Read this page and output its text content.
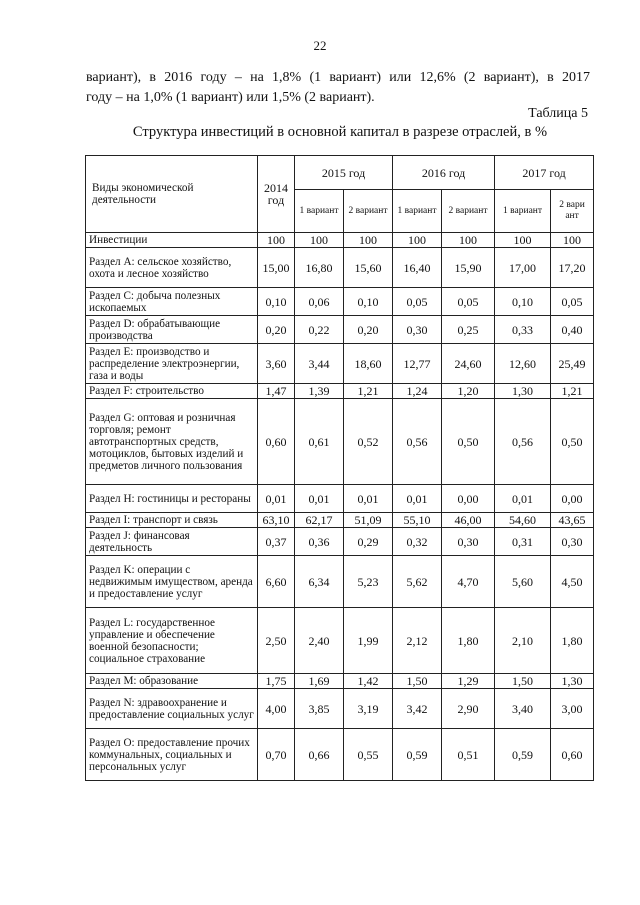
22
вариант), в 2016 году – на 1,8% (1 вариант) или 12,6% (2 вариант), в 2017
году – на 1,0% (1 вариант) или 1,5% (2 вариант).
Таблица 5
Структура инвестиций в основной капитал в разрезе отраслей, в %
Виды экономической деятельности	2014 год	2015 год		2016 год		2017 год	
		1 вариант	2 вариант	1 вариант	2 вариант	1 вариант	2 вари ант
Инвестиции	100	100	100	100	100	100	100
Раздел A: сельское хозяйство, охота и лесное хозяйство	15,00	16,80	15,60	16,40	15,90	17,00	17,20
Раздел C: добыча полезных ископаемых	0,10	0,06	0,10	0,05	0,05	0,10	0,05
Раздел D: обрабатывающие производства	0,20	0,22	0,20	0,30	0,25	0,33	0,40
Раздел E: производство и распределение электроэнергии, газа и воды	3,60	3,44	18,60	12,77	24,60	12,60	25,49
Раздел F: строительство	1,47	1,39	1,21	1,24	1,20	1,30	1,21
Раздел G: оптовая и розничная торговля; ремонт автотранспортных средств, мотоциклов, бытовых изделий и предметов личного пользования	0,60	0,61	0,52	0,56	0,50	0,56	0,50
Раздел H: гостиницы и рестораны	0,01	0,01	0,01	0,01	0,00	0,01	0,00
Раздел I: транспорт и связь	63,10	62,17	51,09	55,10	46,00	54,60	43,65
Раздел J: финансовая деятельность	0,37	0,36	0,29	0,32	0,30	0,31	0,30
Раздел K: операции с недвижимым имуществом, аренда и предоставление услуг	6,60	6,34	5,23	5,62	4,70	5,60	4,50
Раздел L: государственное управление и обеспечение военной безопасности; социальное страхование	2,50	2,40	1,99	2,12	1,80	2,10	1,80
Раздел M: образование	1,75	1,69	1,42	1,50	1,29	1,50	1,30
Раздел N: здравоохранение и предоставление социальных услуг	4,00	3,85	3,19	3,42	2,90	3,40	3,00
Раздел O: предоставление прочих коммунальных, социальных и персональных услуг	0,70	0,66	0,55	0,59	0,51	0,59	0,60
